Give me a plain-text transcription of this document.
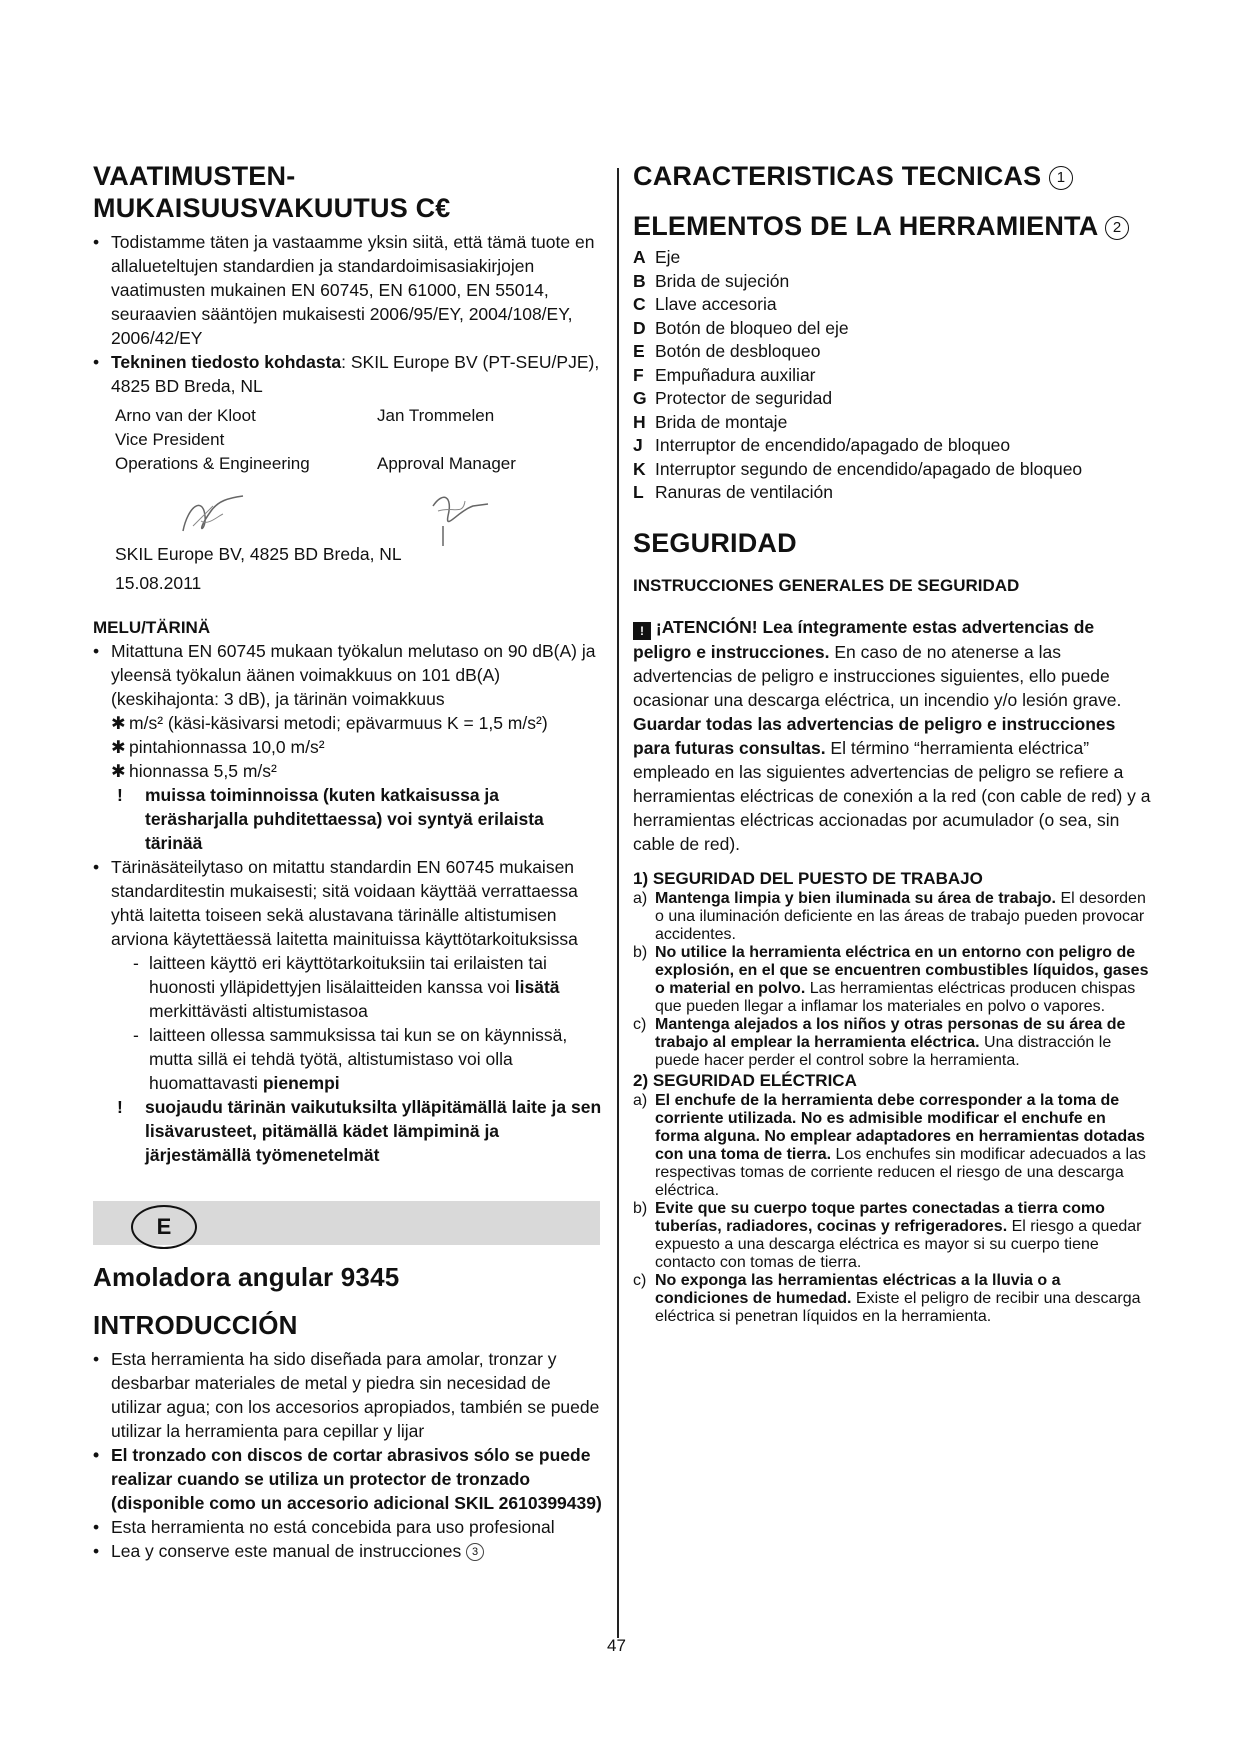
VAATIMUSTEN-
MUKAISUUSVAKUUTUS C€
• Todistamme täten ja vastaamme yksin siitä, että tämä tuote en allalueteltujen standardien ja standardoimisasiakirjojen vaatimusten mukainen EN 60745, EN 61000, EN 55014, seuraavien sääntöjen mukaisesti 2006/95/EY, 2004/108/EY, 2006/42/EY
• Tekninen tiedosto kohdasta: SKIL Europe BV (PT-SEU/PJE), 4825 BD Breda, NL
Arno van der Kloot
Vice President
Operations & Engineering
Jan Trommelen

Approval Manager

SKIL Europe BV, 4825 BD Breda, NL

15.08.2011

MELU/TÄRINÄ
• Mitattuna EN 60745 mukaan työkalun melutaso on 90 dB(A) ja yleensä työkalun äänen voimakkuus on 101 dB(A) (keskihajonta: 3 dB), ja tärinän voimakkuus
✱ m/s² (käsi-käsivarsi metodi; epävarmuus K = 1,5 m/s²)
✱ pintahionnassa 10,0 m/s²
✱ hionnassa 5,5 m/s²
! muissa toiminnoissa (kuten katkaisussa ja teräsharjalla puhditettaessa) voi syntyä erilaista tärinää
• Tärinäsäteilytaso on mitattu standardin EN 60745 mukaisen standarditestin mukaisesti; sitä voidaan käyttää verrattaessa yhtä laitetta toiseen sekä alustavana tärinälle altistumisen arviona käytettäessä laitetta mainituissa käyttötarkoituksissa
- laitteen käyttö eri käyttötarkoituksiin tai erilaisten tai huonosti ylläpidettyjen lisälaitteiden kanssa voi lisätä merkittävästi altistumistasoa
- laitteen ollessa sammuksissa tai kun se on käynnissä, mutta sillä ei tehdä työtä, altistumistaso voi olla huomattavasti pienempi
! suojaudu tärinän vaikutuksilta ylläpitämällä laite ja sen lisävarusteet, pitämällä kädet lämpiminä ja järjestämällä työmenetelmät
E
Amoladora angular 9345
INTRODUCCIÓN
• Esta herramienta ha sido diseñada para amolar, tronzar y desbarbar materiales de metal y piedra sin necesidad de utilizar agua; con los accesorios apropiados, también se puede utilizar la herramienta para cepillar y lijar
• El tronzado con discos de cortar abrasivos sólo se puede realizar cuando se utiliza un protector de tronzado (disponible como un accesorio adicional SKIL 2610399439)
• Esta herramienta no está concebida para uso profesional
• Lea y conserve este manual de instrucciones 3
CARACTERISTICAS TECNICAS 1
ELEMENTOS DE LA HERRAMIENTA 2
A Eje
B Brida de sujeción
C Llave accesoria
D Botón de bloqueo del eje
E Botón de desbloqueo
F Empuñadura auxiliar
G Protector de seguridad
H Brida de montaje
J Interruptor de encendido/apagado de bloqueo
K Interruptor segundo de encendido/apagado de bloqueo
L Ranuras de ventilación
SEGURIDAD
INSTRUCCIONES GENERALES DE SEGURIDAD

! ¡ATENCIÓN! Lea íntegramente estas advertencias de peligro e instrucciones. En caso de no atenerse a las advertencias de peligro e instrucciones siguientes, ello puede ocasionar una descarga eléctrica, un incendio y/o lesión grave. Guardar todas las advertencias de peligro e instrucciones para futuras consultas. El término “herramienta eléctrica” empleado en las siguientes advertencias de peligro se refiere a herramientas eléctricas de conexión a la red (con cable de red) y a herramientas eléctricas accionadas por acumulador (o sea, sin cable de red).

1) SEGURIDAD DEL PUESTO DE TRABAJO
a) Mantenga limpia y bien iluminada su área de trabajo. El desorden o una iluminación deficiente en las áreas de trabajo pueden provocar accidentes.
b) No utilice la herramienta eléctrica en un entorno con peligro de explosión, en el que se encuentren combustibles líquidos, gases o material en polvo. Las herramientas eléctricas producen chispas que pueden llegar a inflamar los materiales en polvo o vapores.
c) Mantenga alejados a los niños y otras personas de su área de trabajo al emplear la herramienta eléctrica. Una distracción le puede hacer perder el control sobre la herramienta.
2) SEGURIDAD ELÉCTRICA
a) El enchufe de la herramienta debe corresponder a la toma de corriente utilizada. No es admisible modificar el enchufe en forma alguna. No emplear adaptadores en herramientas dotadas con una toma de tierra. Los enchufes sin modificar adecuados a las respectivas tomas de corriente reducen el riesgo de una descarga eléctrica.
b) Evite que su cuerpo toque partes conectadas a tierra como tuberías, radiadores, cocinas y refrigeradores. El riesgo a quedar expuesto a una descarga eléctrica es mayor si su cuerpo tiene contacto con tomas de tierra.
c) No exponga las herramientas eléctricas a la lluvia o a condiciones de humedad. Existe el peligro de recibir una descarga eléctrica si penetran líquidos en la herramienta.
47
